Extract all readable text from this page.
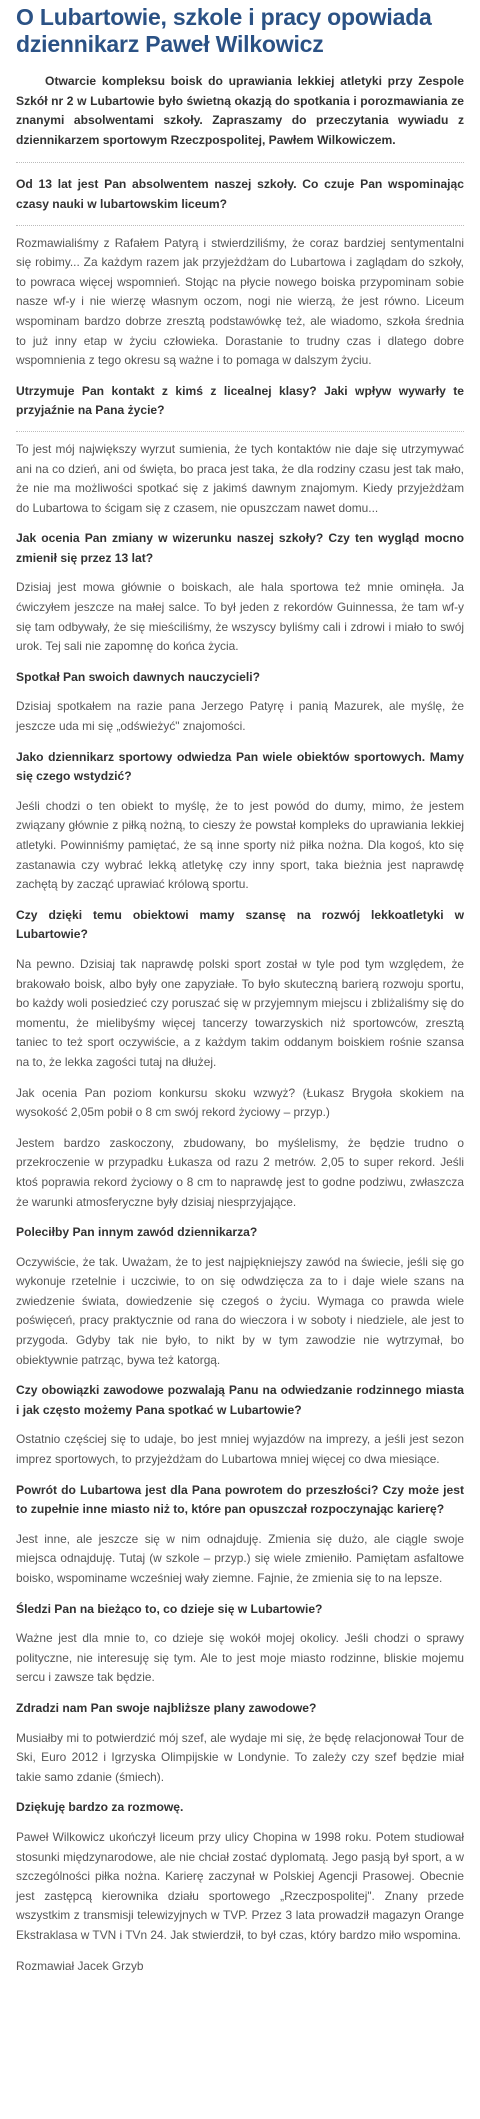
O Lubartowie, szkole i pracy opowiada dziennikarz Paweł Wilkowicz

Otwarcie kompleksu boisk do uprawiania lekkiej atletyki przy Zespole Szkół nr 2 w Lubartowie było świetną okazją do spotkania i porozmawiania ze znanymi absolwentami szkoły. Zapraszamy do przeczytania wywiadu z dziennikarzem sportowym Rzeczpospolitej, Pawłem Wilkowiczem.

Od 13 lat jest Pan absolwentem naszej szkoły. Co czuje Pan wspominając czasy nauki w lubartowskim liceum?

Rozmawialiśmy z Rafałem Patyrą i stwierdziliśmy, że coraz bardziej sentymentalni się robimy... Za każdym razem jak przyjeżdżam do Lubartowa i zaglądam do szkoły, to powraca więcej wspomnień. Stojąc na płycie nowego boiska przypominam sobie nasze wf-y i nie wierzę własnym oczom, nogi nie wierzą, że jest równo. Liceum wspominam bardzo dobrze zresztą podstawówkę też, ale wiadomo, szkoła średnia to już inny etap w życiu człowieka. Dorastanie to trudny czas i dlatego dobre wspomnienia z tego okresu są ważne i to pomaga w dalszym życiu.

Utrzymuje Pan kontakt z kimś z licealnej klasy? Jaki wpływ wywarły te przyjaźnie na Pana życie?

To jest mój największy wyrzut sumienia, że tych kontaktów nie daje się utrzymywać ani na co dzień, ani od święta, bo praca jest taka, że dla rodziny czasu jest tak mało, że nie ma możliwości spotkać się z jakimś dawnym znajomym. Kiedy przyjeżdżam do Lubartowa to ścigam się z czasem, nie opuszczam nawet domu...

Jak ocenia Pan zmiany w wizerunku naszej szkoły? Czy ten wygląd mocno zmienił się przez 13 lat?

Dzisiaj jest mowa głównie o boiskach, ale hala sportowa też mnie ominęła. Ja ćwiczyłem jeszcze na małej salce. To był jeden z rekordów Guinnessa, że tam wf-y się tam odbywały, że się mieściliśmy, że wszyscy byliśmy cali i zdrowi i miało to swój urok. Tej sali nie zapomnę do końca życia.

Spotkał Pan swoich dawnych nauczycieli?

Dzisiaj spotkałem na razie pana Jerzego Patyrę i panią Mazurek, ale myślę, że jeszcze uda mi się „odświeżyć" znajomości.

Jako dziennikarz sportowy odwiedza Pan wiele obiektów sportowych. Mamy się czego wstydzić?

Jeśli chodzi o ten obiekt to myślę, że to jest powód do dumy, mimo, że jestem związany głównie z piłką nożną, to cieszy że powstał kompleks do uprawiania lekkiej atletyki. Powinniśmy pamiętać, że są inne sporty niż piłka nożna. Dla kogoś, kto się zastanawia czy wybrać lekką atletykę czy inny sport, taka bieżnia jest naprawdę zachętą by zacząć uprawiać królową sportu.

Czy dzięki temu obiektowi mamy szansę na rozwój lekkoatletyki w Lubartowie?

Na pewno. Dzisiaj tak naprawdę polski sport został w tyle pod tym względem, że brakowało boisk, albo były one zapyziałe. To było skuteczną barierą rozwoju sportu, bo każdy woli posiedzieć czy poruszać się w przyjemnym miejscu i zbliżaliśmy się do momentu, że mielibyśmy więcej tancerzy towarzyskich niż sportowców, zresztą taniec to też sport oczywiście, a z każdym takim oddanym boiskiem rośnie szansa na to, że lekka zagości tutaj na dłużej.

Jak ocenia Pan poziom konkursu skoku wzwyż? (Łukasz Brygoła skokiem na wysokość 2,05m pobił o 8 cm swój rekord życiowy – przyp.)

Jestem bardzo zaskoczony, zbudowany, bo myślelismy, że będzie trudno o przekroczenie w przypadku Łukasza od razu 2 metrów. 2,05 to super rekord. Jeśli ktoś poprawia rekord życiowy o 8 cm to naprawdę jest to godne podziwu, zwłaszcza że warunki atmosferyczne były dzisiaj niesprzyjające.

Poleciłby Pan innym zawód dziennikarza?

Oczywiście, że tak. Uważam, że to jest najpiękniejszy zawód na świecie, jeśli się go wykonuje rzetelnie i uczciwie, to on się odwdzięcza za to i daje wiele szans na zwiedzenie świata, dowiedzenie się czegoś o życiu. Wymaga co prawda wiele poświęceń, pracy praktycznie od rana do wieczora i w soboty i niedziele, ale jest to przygoda. Gdyby tak nie było, to nikt by w tym zawodzie nie wytrzymał, bo obiektywnie patrząc, bywa też katorgą.

Czy obowiązki zawodowe pozwalają Panu na odwiedzanie rodzinnego miasta i jak często możemy Pana spotkać w Lubartowie?

Ostatnio częściej się to udaje, bo jest mniej wyjazdów na imprezy, a jeśli jest sezon imprez sportowych, to przyjeżdżam do Lubartowa mniej więcej co dwa miesiące.

Powrót do Lubartowa jest dla Pana powrotem do przeszłości? Czy może jest to zupełnie inne miasto niż to, które pan opuszczał rozpoczynając karierę?

Jest inne, ale jeszcze się w nim odnajduję. Zmienia się dużo, ale ciągle swoje miejsca odnajduję. Tutaj (w szkole – przyp.) się wiele zmieniło. Pamiętam asfaltowe boisko, wspominame wcześniej wały ziemne. Fajnie, że zmienia się to na lepsze.

Śledzi Pan na bieżąco to, co dzieje się w Lubartowie?

Ważne jest dla mnie to, co dzieje się wokół mojej okolicy. Jeśli chodzi o sprawy polityczne, nie interesuję się tym. Ale to jest moje miasto rodzinne, bliskie mojemu sercu i zawsze tak będzie.

Zdradzi nam Pan swoje najbliższe plany zawodowe?

Musiałby mi to potwierdzić mój szef, ale wydaje mi się, że będę relacjonował Tour de Ski, Euro 2012 i Igrzyska Olimpijskie w Londynie. To zależy czy szef będzie miał takie samo zdanie (śmiech).

Dziękuję bardzo za rozmowę.

Paweł Wilkowicz ukończył liceum przy ulicy Chopina w 1998 roku. Potem studiował stosunki międzynarodowe, ale nie chciał zostać dyplomatą. Jego pasją był sport, a w szczególności piłka nożna. Karierę zaczynał w Polskiej Agencji Prasowej. Obecnie jest zastępcą kierownika działu sportowego „Rzeczpospolitej". Znany przede wszystkim z transmisji telewizyjnych w TVP. Przez 3 lata prowadził magazyn Orange Ekstraklasa w TVN i TVn 24. Jak stwierdził, to był czas, który bardzo miło wspomina.

Rozmawiał Jacek Grzyb
